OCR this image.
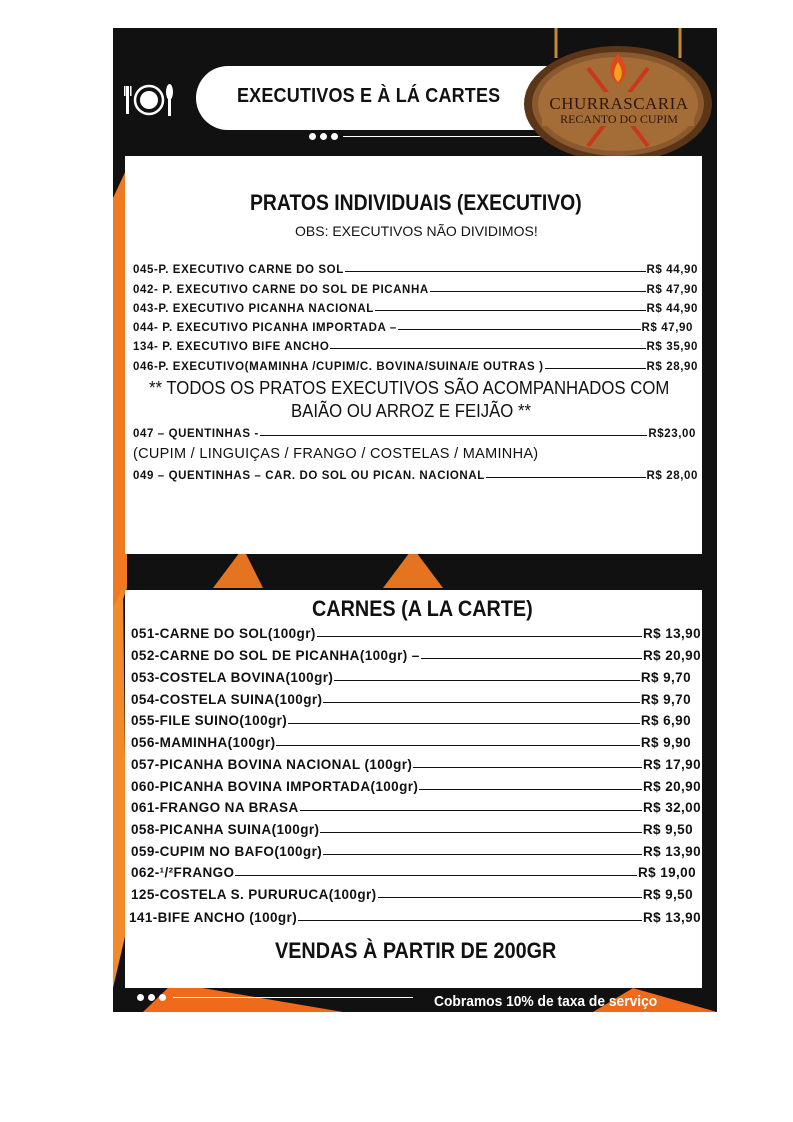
EXECUTIVOS E À LÁ CARTES	CHURRASCARIA
RECANTO DO CUPIM
PRATOS INDIVIDUAIS (EXECUTIVO)
OBS: EXECUTIVOS NÃO DIVIDIMOS!
045-P. EXECUTIVO CARNE DO SOL	R$ 44,90
042- P. EXECUTIVO CARNE DO SOL DE PICANHA	R$ 47,90
043-P. EXECUTIVO PICANHA NACIONAL	R$ 44,90
044- P. EXECUTIVO PICANHA IMPORTADA –	R$ 47,90
134- P. EXECUTIVO BIFE ANCHO	R$ 35,90
046-P. EXECUTIVO(MAMINHA /CUPIM/C. BOVINA/SUINA/E OUTRAS )	R$ 28,90
** TODOS OS PRATOS EXECUTIVOS SÃO ACOMPANHADOS COM
BAIÃO OU ARROZ E FEIJÃO **
047 – QUENTINHAS -	R$23,00
(CUPIM / LINGUIÇAS / FRANGO / COSTELAS / MAMINHA)
049 – QUENTINHAS – CAR. DO SOL OU PICAN. NACIONAL	R$ 28,00
CARNES (A LA CARTE)
051-CARNE DO SOL(100gr)	R$ 13,90
052-CARNE DO SOL DE PICANHA(100gr) –	R$ 20,90
053-COSTELA BOVINA(100gr)	R$ 9,70
054-COSTELA SUINA(100gr)	R$ 9,70
055-FILE SUINO(100gr)	R$ 6,90
056-MAMINHA(100gr)	R$ 9,90
057-PICANHA BOVINA NACIONAL (100gr)	R$ 17,90
060-PICANHA BOVINA IMPORTADA(100gr)	R$ 20,90
061-FRANGO NA BRASA	R$ 32,00
058-PICANHA SUINA(100gr)	R$ 9,50
059-CUPIM NO BAFO(100gr)	R$ 13,90
062-¹/²FRANGO	R$ 19,00
125-COSTELA S. PURURUCA(100gr)	R$ 9,50
141-BIFE ANCHO (100gr)	R$ 13,90
VENDAS À PARTIR DE 200GR
Cobramos 10% de taxa de serviço
